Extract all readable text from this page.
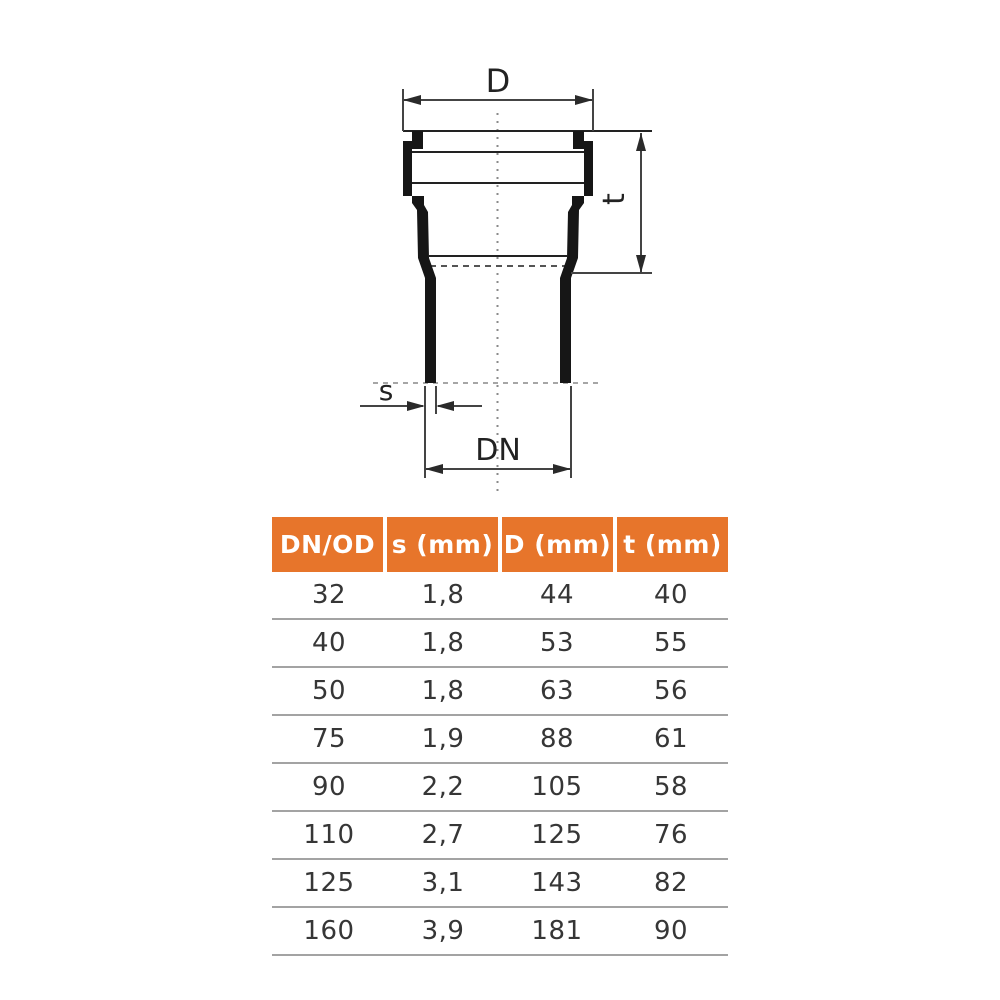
D
t
s
DN
DN/OD s (mm) D (mm) t (mm)
32	1,8	44	40
40	1,8	53	55
50	1,8	63	56
75	1,9	88	61
90	2,2	105	58
110	2,7	125	76
125	3,1	143	82
160	3,9	181	90
